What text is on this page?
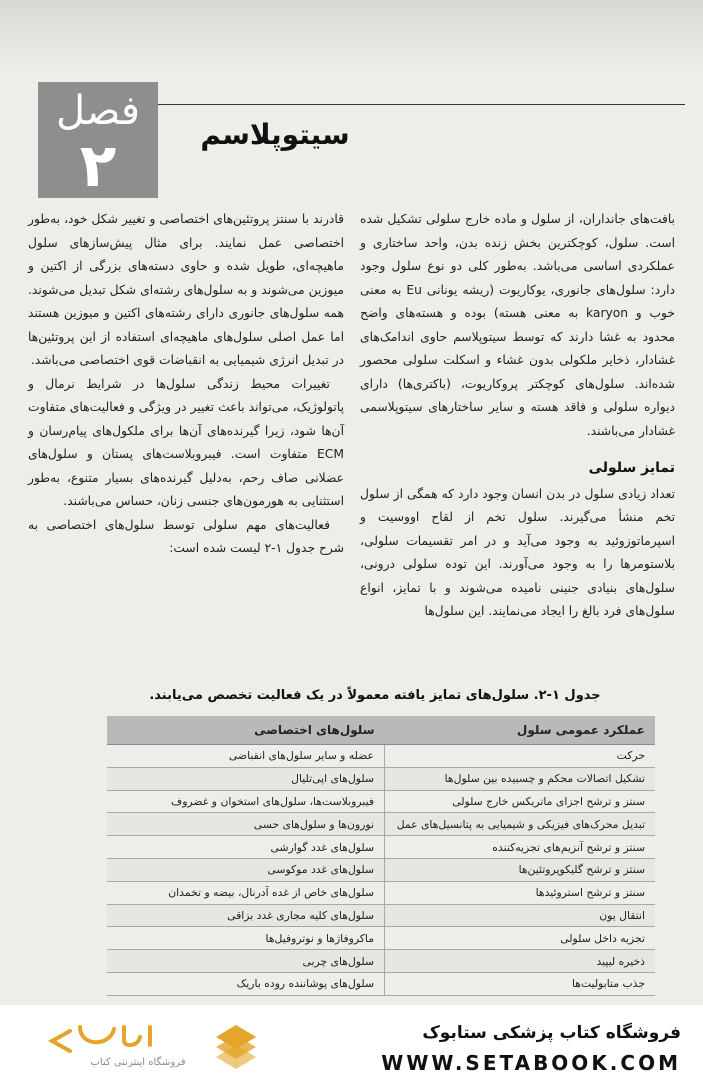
فصل
۲	سیتوپلاسم

بافت‌های جانداران، از سلول و ماده خارج سلولی تشکیل شده است. سلول، کوچکترین بخش زنده بدن، واحد ساختاری و عملکردی اساسی می‌باشد. به‌طور کلی دو نوع سلول وجود دارد: سلول‌های جانوری، یوکاریوت (ریشه یونانی Eu به معنی خوب و karyon به معنی هسته) بوده و هسته‌های واضح محدود به غشا دارند که توسط سیتوپلاسم حاوی اندامک‌های غشادار، ذخایر ملکولی بدون غشاء و اسکلت سلولی محصور شده‌اند. سلول‌های کوچکتر پروکاریوت، (باکتری‌ها) دارای دیواره سلولی و فاقد هسته و سایر ساختارهای سیتوپلاسمی غشادار می‌باشند.

تمایز سلولی

تعداد زیادی سلول در بدن انسان وجود دارد که همگی از سلول تخم منشأ می‌گیرند. سلول تخم از لقاح اووسیت و اسپرماتوزوئید به وجود می‌آید و در امر تقسیمات سلولی، بلاستومرها را به وجود می‌آورند. این توده سلولی درونی، سلول‌های بنیادی جنینی نامیده می‌شوند و با تمایز، انواع سلول‌های فرد بالغ را ایجاد می‌نمایند. این سلول‌ها

قادرند با سنتز پروتئین‌های اختصاصی و تغییر شکل خود، به‌طور اختصاصی عمل نمایند. برای مثال پیش‌سازهای سلول ماهیچه‌ای، طویل شده و حاوی دسته‌های بزرگی از اکتین و میوزین می‌شوند و به سلول‌های رشته‌ای شکل تبدیل می‌شوند. همه سلول‌های جانوری دارای رشته‌های اکتین و میوزین هستند اما عمل اصلی سلول‌های ماهیچه‌ای استفاده از این پروتئین‌ها در تبدیل انرژی شیمیایی به انقباضات قوی اختصاصی می‌باشد.

تغییرات محیط زندگی سلول‌ها در شرایط نرمال و پاتولوژیک، می‌تواند باعث تغییر در ویژگی و فعالیت‌های متفاوت آن‌ها شود، زیرا گیرنده‌های آن‌ها برای ملکول‌های پیام‌رسان و ECM متفاوت است. فیبروبلاست‌های پستان و سلول‌های عضلانی صاف رحم، به‌دلیل گیرنده‌های بسیار متنوع، به‌طور استثنایی به هورمون‌های جنسی زنان، حساس می‌باشند.

فعالیت‌های مهم سلولی توسط سلول‌های اختصاصی به شرح جدول ۱-۲ لیست شده است:

جدول ۱-۲. سلول‌های تمایز یافته معمولاً در یک فعالیت تخصص می‌یابند.
عملکرد عمومی سلول	سلول‌های اختصاصی
حرکت	عضله و سایر سلول‌های انقباضی
تشکیل اتصالات محکم و چسبیده بین سلول‌ها	سلول‌های اپی‌تلیال
سنتز و ترشح اجزای ماتریکس خارج سلولی	فیبروبلاست‌ها، سلول‌های استخوان و غضروف
تبدیل محرک‌های فیزیکی و شیمیایی به پتانسیل‌های عمل	نورون‌ها و سلول‌های حسی
سنتز و ترشح آنزیم‌های تجزیه‌کننده	سلول‌های غدد گوارشی
سنتز و ترشح گلیکوپروتئین‌ها	سلول‌های غدد موکوسی
سنتز و ترشح استروئیدها	سلول‌های خاص از غده آدرنال، بیضه و تخمدان
انتقال یون	سلول‌های کلیه مجاری غدد بزاقی
تجزیه داخل سلولی	ماکروفاژها و نوتروفیل‌ها
ذخیره لیپید	سلول‌های چربی
جذب متابولیت‌ها	سلول‌های پوشاننده روده باریک
فروشگاه اینترنتی کتاب
فروشگاه کتاب پزشکی ستابوک
WWW.SETABOOK.COM
